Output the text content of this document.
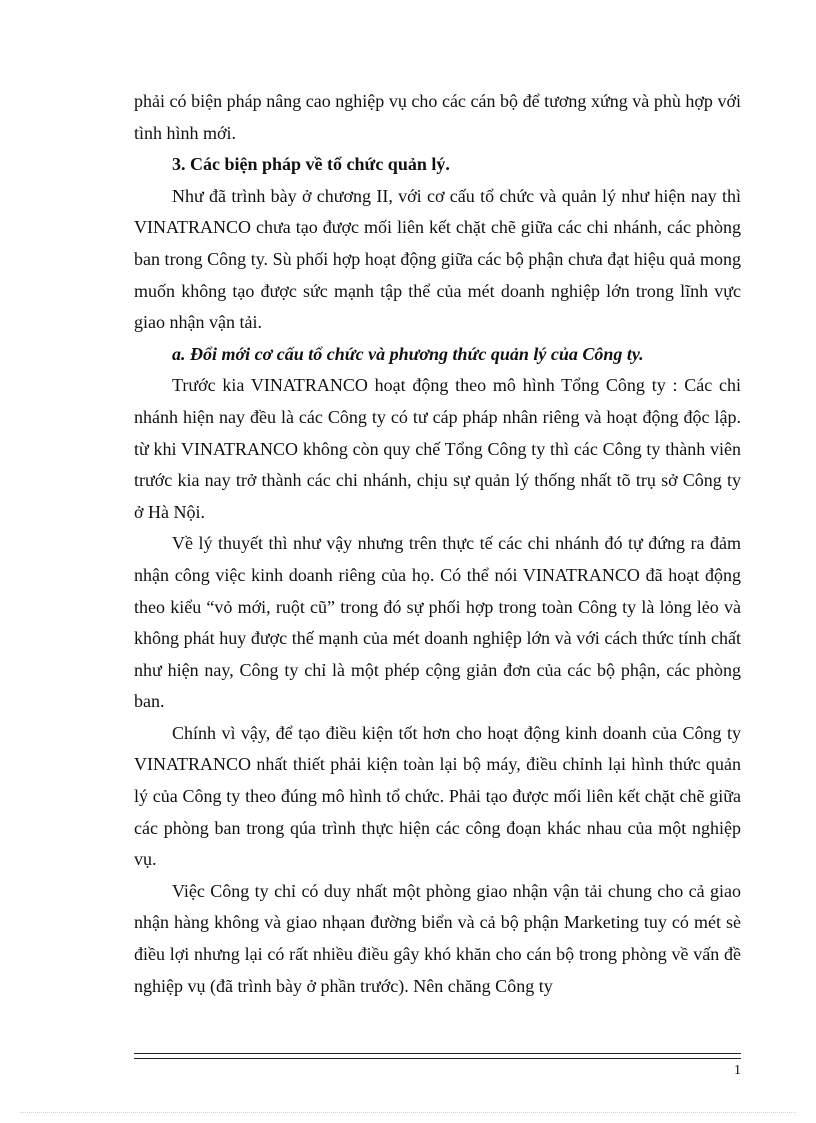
phải có biện pháp nâng cao nghiệp vụ cho các cán bộ để tương xứng và phù hợp với tình hình mới.

3. Các biện pháp về tổ chức quản lý.

Như đã trình bày ở chương II, với cơ cấu tổ chức và quản lý như hiện nay thì VINATRANCO chưa tạo được mối liên kết chặt chẽ giữa các chi nhánh, các phòng ban trong Công ty. Sù phối hợp hoạt động giữa các bộ phận chưa đạt hiệu quả mong muốn không tạo được sức mạnh tập thể của mét doanh nghiệp lớn trong lĩnh vực giao nhận vận tải.

a. Đổi mới cơ cấu tổ chức và phương thức quản lý của Công ty.

Trước kia VINATRANCO hoạt động theo mô hình Tổng Công ty : Các chi nhánh hiện nay đều là các Công ty có tư cáp pháp nhân riêng và hoạt động độc lập. từ khi VINATRANCO không còn quy chế Tổng Công ty thì các Công ty thành viên trước kia nay trở thành các chi nhánh, chịu sự quản lý thống nhất tõ trụ sở Công ty ở Hà Nội.

Về lý thuyết thì như vậy nhưng trên thực tế các chi nhánh đó tự đứng ra đảm nhận công việc kinh doanh riêng của họ. Có thể nói VINATRANCO đã hoạt động theo kiểu “vỏ mới, ruột cũ” trong đó sự phối hợp trong toàn Công ty là lỏng lẻo và không phát huy được thế mạnh của mét doanh nghiệp lớn và với cách thức tính chất như hiện nay, Công ty chỉ là một phép cộng giản đơn của các bộ phận, các phòng ban.

Chính vì vậy, để tạo điều kiện tốt hơn cho hoạt động kinh doanh của Công ty VINATRANCO nhất thiết phải kiện toàn lại bộ máy, điều chỉnh lại hình thức quản lý của Công ty theo đúng mô hình tổ chức. Phải tạo được mối liên kết chặt chẽ giữa các phòng ban trong qúa trình thực hiện các công đoạn khác nhau của một nghiệp vụ.

Việc Công ty chỉ có duy nhất một phòng giao nhận vận tải chung cho cả giao nhận hàng không và giao nhạan đường biển và cả bộ phận Marketing tuy có mét sè điều lợi nhưng lại có rất nhiều điều gây khó khăn cho cán bộ trong phòng về vấn đề nghiệp vụ (đã trình bày ở phần trước). Nên chăng Công ty

1
